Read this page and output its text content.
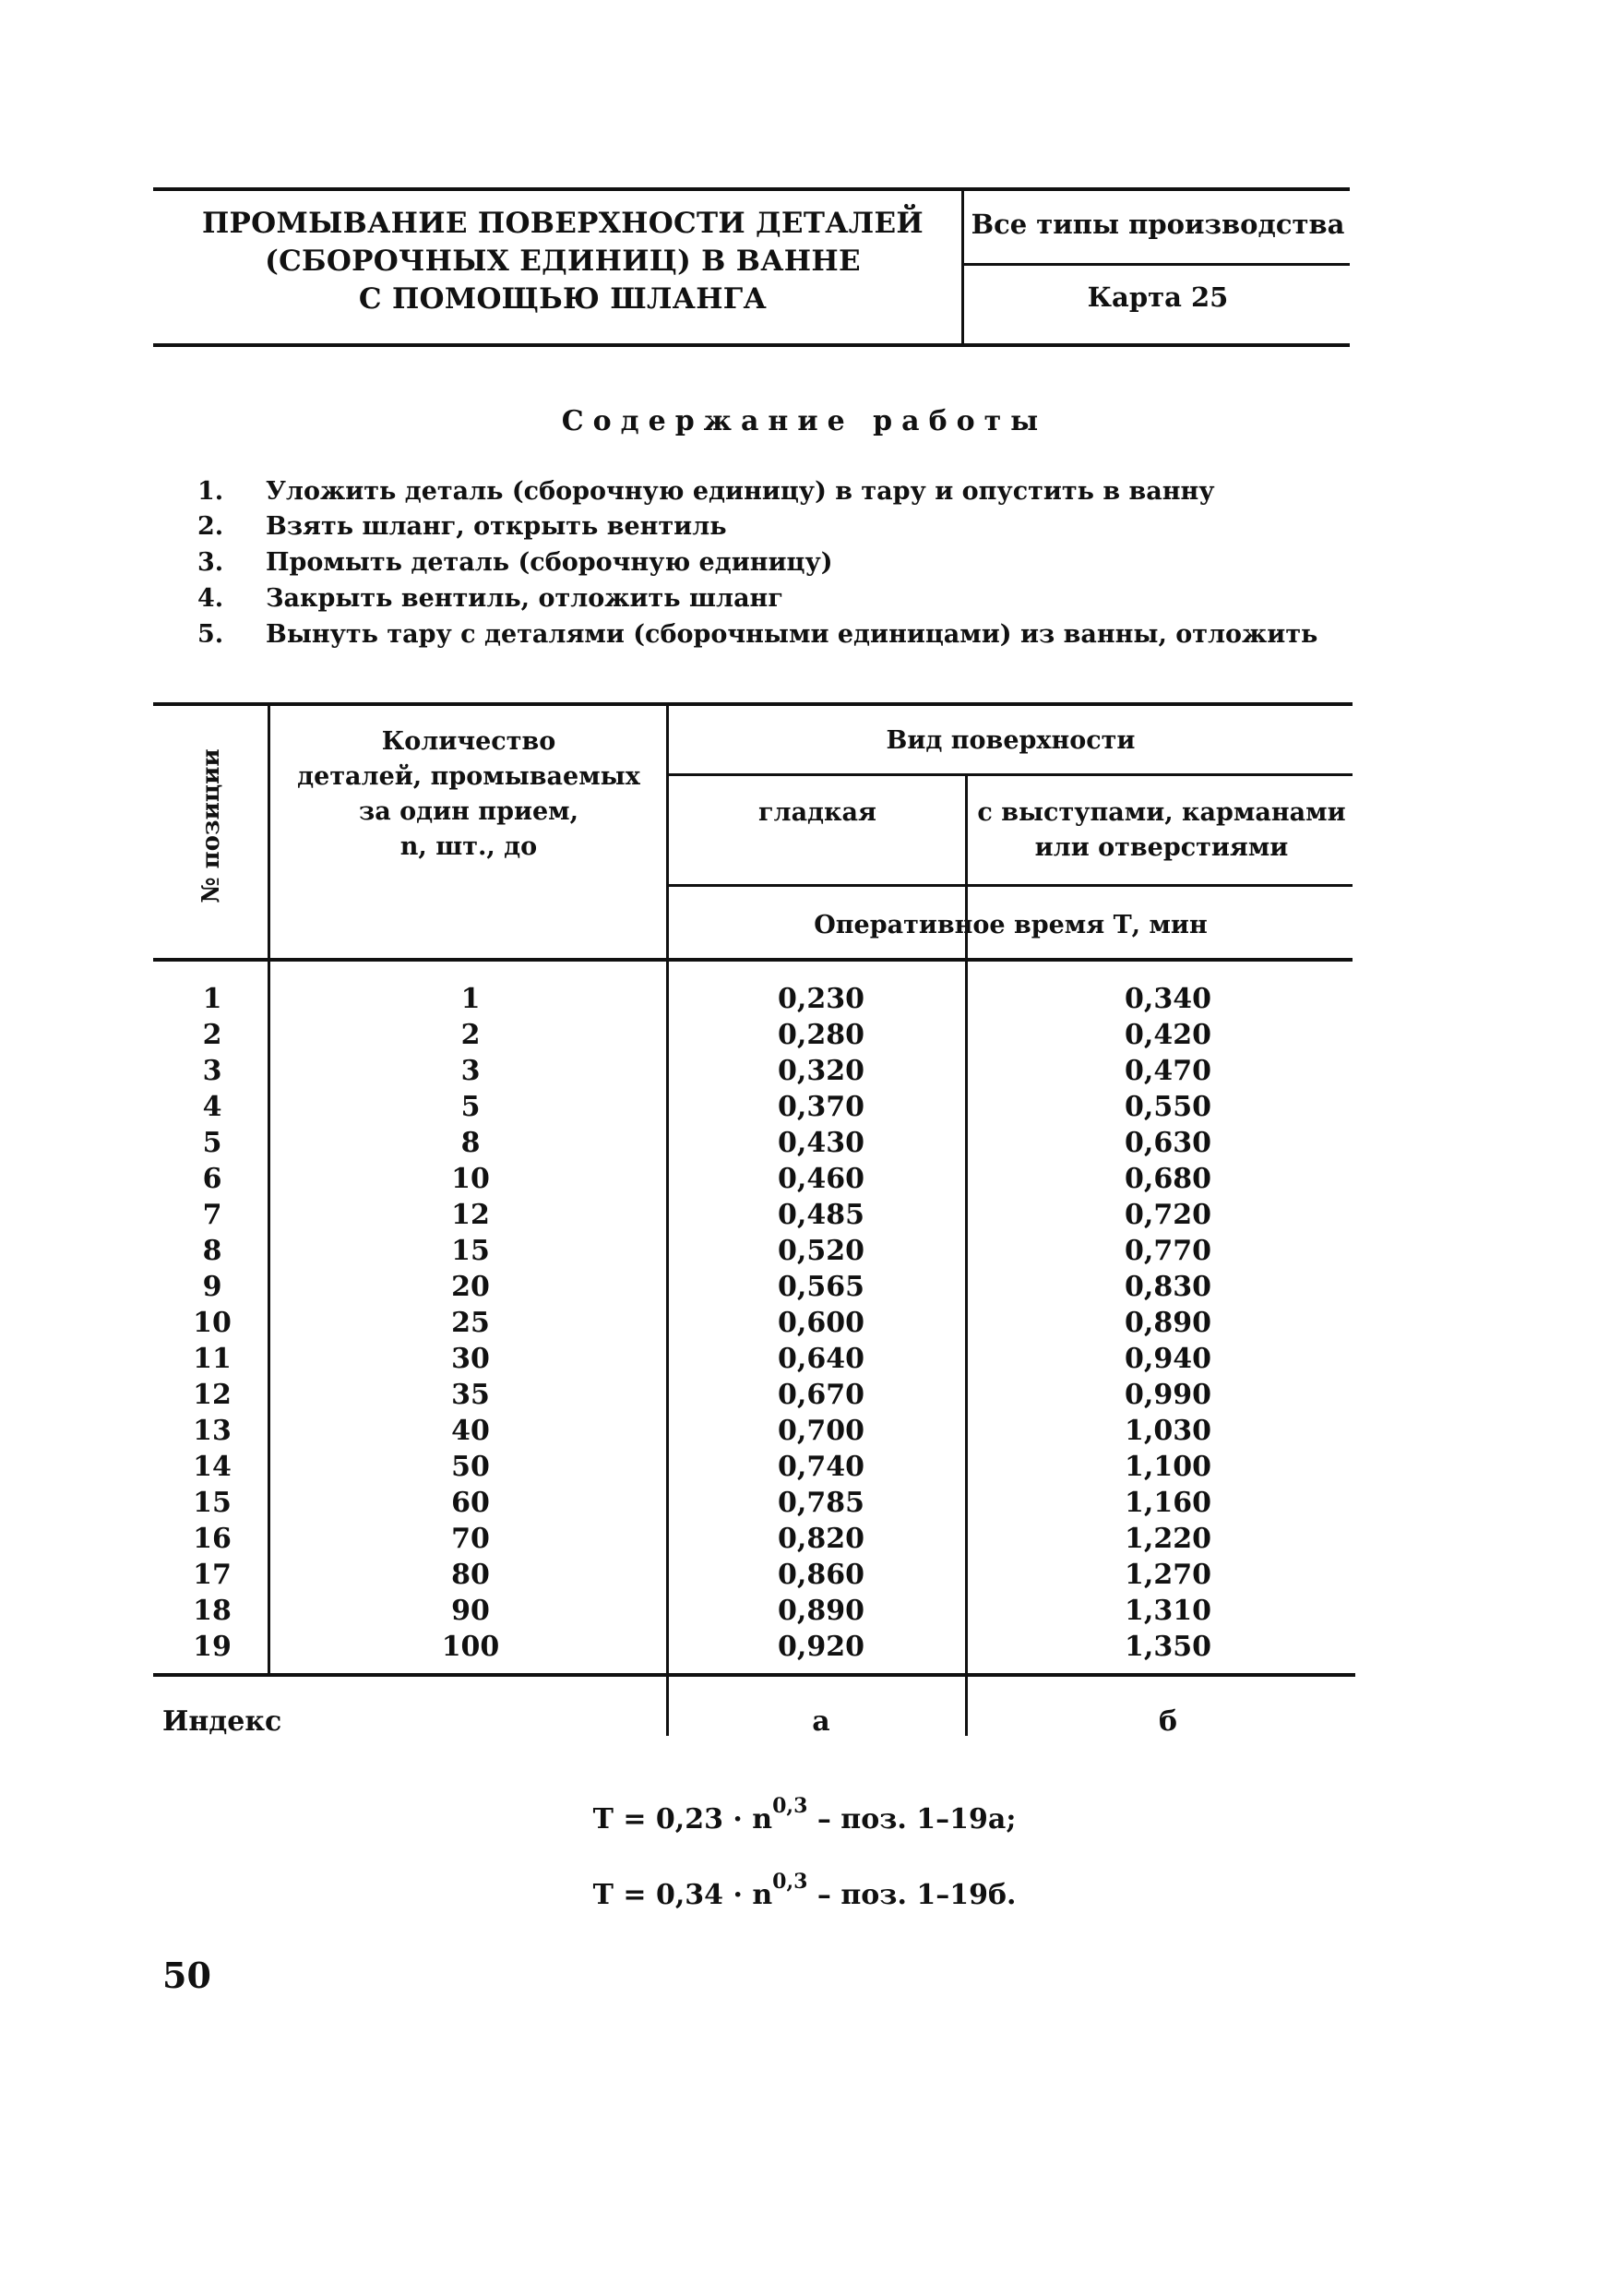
ПРОМЫВАНИЕ ПОВЕРХНОСТИ ДЕТАЛЕЙ
(СБОРОЧНЫХ ЕДИНИЦ) В ВАННЕ
С ПОМОЩЬЮ ШЛАНГА
Все типы производства
Карта 25
Содержание работы
1. Уложить деталь (сборочную единицу) в тару и опустить в ванну
2. Взять шланг, открыть вентиль
3. Промыть деталь (сборочную единицу)
4. Закрыть вентиль, отложить шланг
5. Вынуть тару с деталями (сборочными единицами) из ванны, отложить
№ позиции
Количество
деталей, промываемых
за один прием,
n, шт., до
Вид поверхности
гладкая	с выступами, карманами
или отверстиями
Оперативное время Т, мин
1	1	0,230	0,340
2	2	0,280	0,420
3	3	0,320	0,470
4	5	0,370	0,550
5	8	0,430	0,630
6	10	0,460	0,680
7	12	0,485	0,720
8	15	0,520	0,770
9	20	0,565	0,830
10	25	0,600	0,890
11	30	0,640	0,940
12	35	0,670	0,990
13	40	0,700	1,030
14	50	0,740	1,100
15	60	0,785	1,160
16	70	0,820	1,220
17	80	0,860	1,270
18	90	0,890	1,310
19	100	0,920	1,350
Индекс	а	б
$Т = 0,23 \cdot n^{0,3}$ – поз. 1–19а;
$Т = 0,34 \cdot n^{0,3}$ – поз. 1–19б.
50
